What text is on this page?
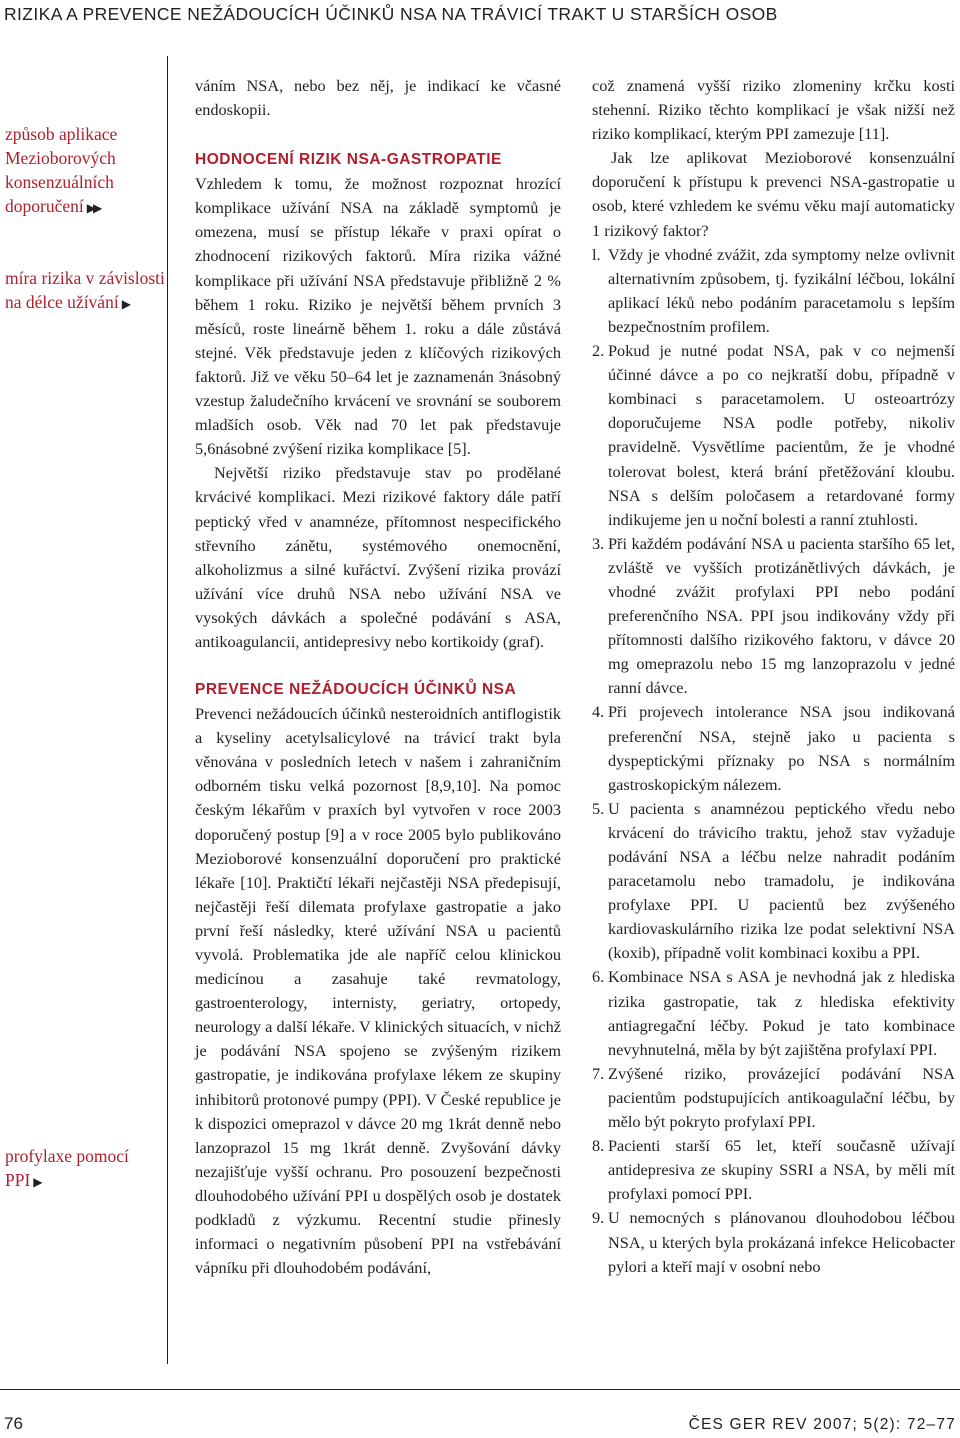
RIZIKA A PREVENCE NEŽÁDOUCÍCH ÚČINKŮ NSA NA TRÁVICÍ TRAKT U STARŠÍCH OSOB
způsob aplikace Mezioborových konsenzuálních doporučení ▶▶
míra rizika v závislosti na délce užívání ▶
profylaxe pomocí PPI ▶

váním NSA, nebo bez něj, je indikací ke včasné endoskopii.

HODNOCENÍ RIZIK NSA-GASTROPATIE

Vzhledem k tomu, že možnost rozpoznat hrozící komplikace užívání NSA na základě symptomů je omezena, musí se přístup lékaře v praxi opírat o zhodnocení rizikových faktorů. Míra rizika vážné komplikace při užívání NSA představuje přibližně 2 % během 1 roku. Riziko je největší během prvních 3 měsíců, roste lineárně během 1. roku a dále zůstává stejné. Věk představuje jeden z klíčových rizikových faktorů. Již ve věku 50–64 let je zaznamenán 3násobný vzestup žaludečního krvácení ve srovnání se souborem mladších osob. Věk nad 70 let pak představuje 5,6násobné zvýšení rizika komplikace [5].

Největší riziko představuje stav po prodělané krvácivé komplikaci. Mezi rizikové faktory dále patří peptický vřed v anamnéze, přítomnost nespecifického střevního zánětu, systémového onemocnění, alkoholizmus a silné kuřáctví. Zvýšení rizika provází užívání více druhů NSA nebo užívání NSA ve vysokých dávkách a společné podávání s ASA, antikoagulancii, antidepresivy nebo kortikoidy (graf).

PREVENCE NEŽÁDOUCÍCH ÚČINKŮ NSA

Prevenci nežádoucích účinků nesteroidních antiflogistik a kyseliny acetylsalicylové na trávicí trakt byla věnována v posledních letech v našem i zahraničním odborném tisku velká pozornost [8,9,10]. Na pomoc českým lékařům v praxích byl vytvořen v roce 2003 doporučený postup [9] a v roce 2005 bylo publikováno Mezioborové konsenzuální doporučení pro praktické lékaře [10]. Praktičtí lékaři nejčastěji NSA předepisují, nejčastěji řeší dilemata profylaxe gastropatie a jako první řeší následky, které užívání NSA u pacientů vyvolá. Problematika jde ale napříč celou klinickou medicínou a zasahuje také revmatology, gastroenterology, internisty, geriatry, ortopedy, neurology a další lékaře. V klinických situacích, v nichž je podávání NSA spojeno se zvýšeným rizikem gastropatie, je indikována profylaxe lékem ze skupiny inhibitorů protonové pumpy (PPI). V České republice je k dispozici omeprazol v dávce 20 mg 1krát denně nebo lanzoprazol 15 mg 1krát denně. Zvyšování dávky nezajišťuje vyšší ochranu. Pro posouzení bezpečnosti dlouhodobého užívání PPI u dospělých osob je dostatek podkladů z výzkumu. Recentní studie přinesly informaci o negativním působení PPI na vstřebávání vápníku při dlouhodobém podávání,

což znamená vyšší riziko zlomeniny krčku kosti stehenní. Riziko těchto komplikací je však nižší než riziko komplikací, kterým PPI zamezuje [11].

Jak lze aplikovat Mezioborové konsenzuální doporučení k přístupu k prevenci NSA-gastropatie u osob, které vzhledem ke svému věku mají automaticky 1 rizikový faktor?

l. Vždy je vhodné zvážit, zda symptomy nelze ovlivnit alternativním způsobem, tj. fyzikální léčbou, lokální aplikací léků nebo podáním paracetamolu s lepším bezpečnostním profilem.
2. Pokud je nutné podat NSA, pak v co nejmenší účinné dávce a po co nejkratší dobu, případně v kombinaci s paracetamolem. U osteoartrózy doporučujeme NSA podle potřeby, nikoliv pravidelně. Vysvětlíme pacientům, že je vhodné tolerovat bolest, která brání přetěžování kloubu. NSA s delším poločasem a retardované formy indikujeme jen u noční bolesti a ranní ztuhlosti.
3. Při každém podávání NSA u pacienta staršího 65 let, zvláště ve vyšších protizánětlivých dávkách, je vhodné zvážit profylaxi PPI nebo podání preferenčního NSA. PPI jsou indikovány vždy při přítomnosti dalšího rizikového faktoru, v dávce 20 mg omeprazolu nebo 15 mg lanzoprazolu v jedné ranní dávce.
4. Při projevech intolerance NSA jsou indikovaná preferenční NSA, stejně jako u pacienta s dyspeptickými příznaky po NSA s normálním gastroskopickým nálezem.
5. U pacienta s anamnézou peptického vředu nebo krvácení do trávicího traktu, jehož stav vyžaduje podávání NSA a léčbu nelze nahradit podáním paracetamolu nebo tramadolu, je indikována profylaxe PPI. U pacientů bez zvýšeného kardiovaskulárního rizika lze podat selektivní NSA (koxib), případně volit kombinaci koxibu a PPI.
6. Kombinace NSA s ASA je nevhodná jak z hlediska rizika gastropatie, tak z hlediska efektivity antiagregační léčby. Pokud je tato kombinace nevyhnutelná, měla by být zajištěna profylaxí PPI.
7. Zvýšené riziko, provázející podávání NSA pacientům podstupujících antikoagulační léčbu, by mělo být pokryto profylaxí PPI.
8. Pacienti starší 65 let, kteří současně užívají antidepresiva ze skupiny SSRI a NSA, by měli mít profylaxi pomocí PPI.
9. U nemocných s plánovanou dlouhodobou léčbou NSA, u kterých byla prokázaná infekce Helicobacter pylori a kteří mají v osobní nebo
76	ČES GER REV 2007; 5(2): 72–77
